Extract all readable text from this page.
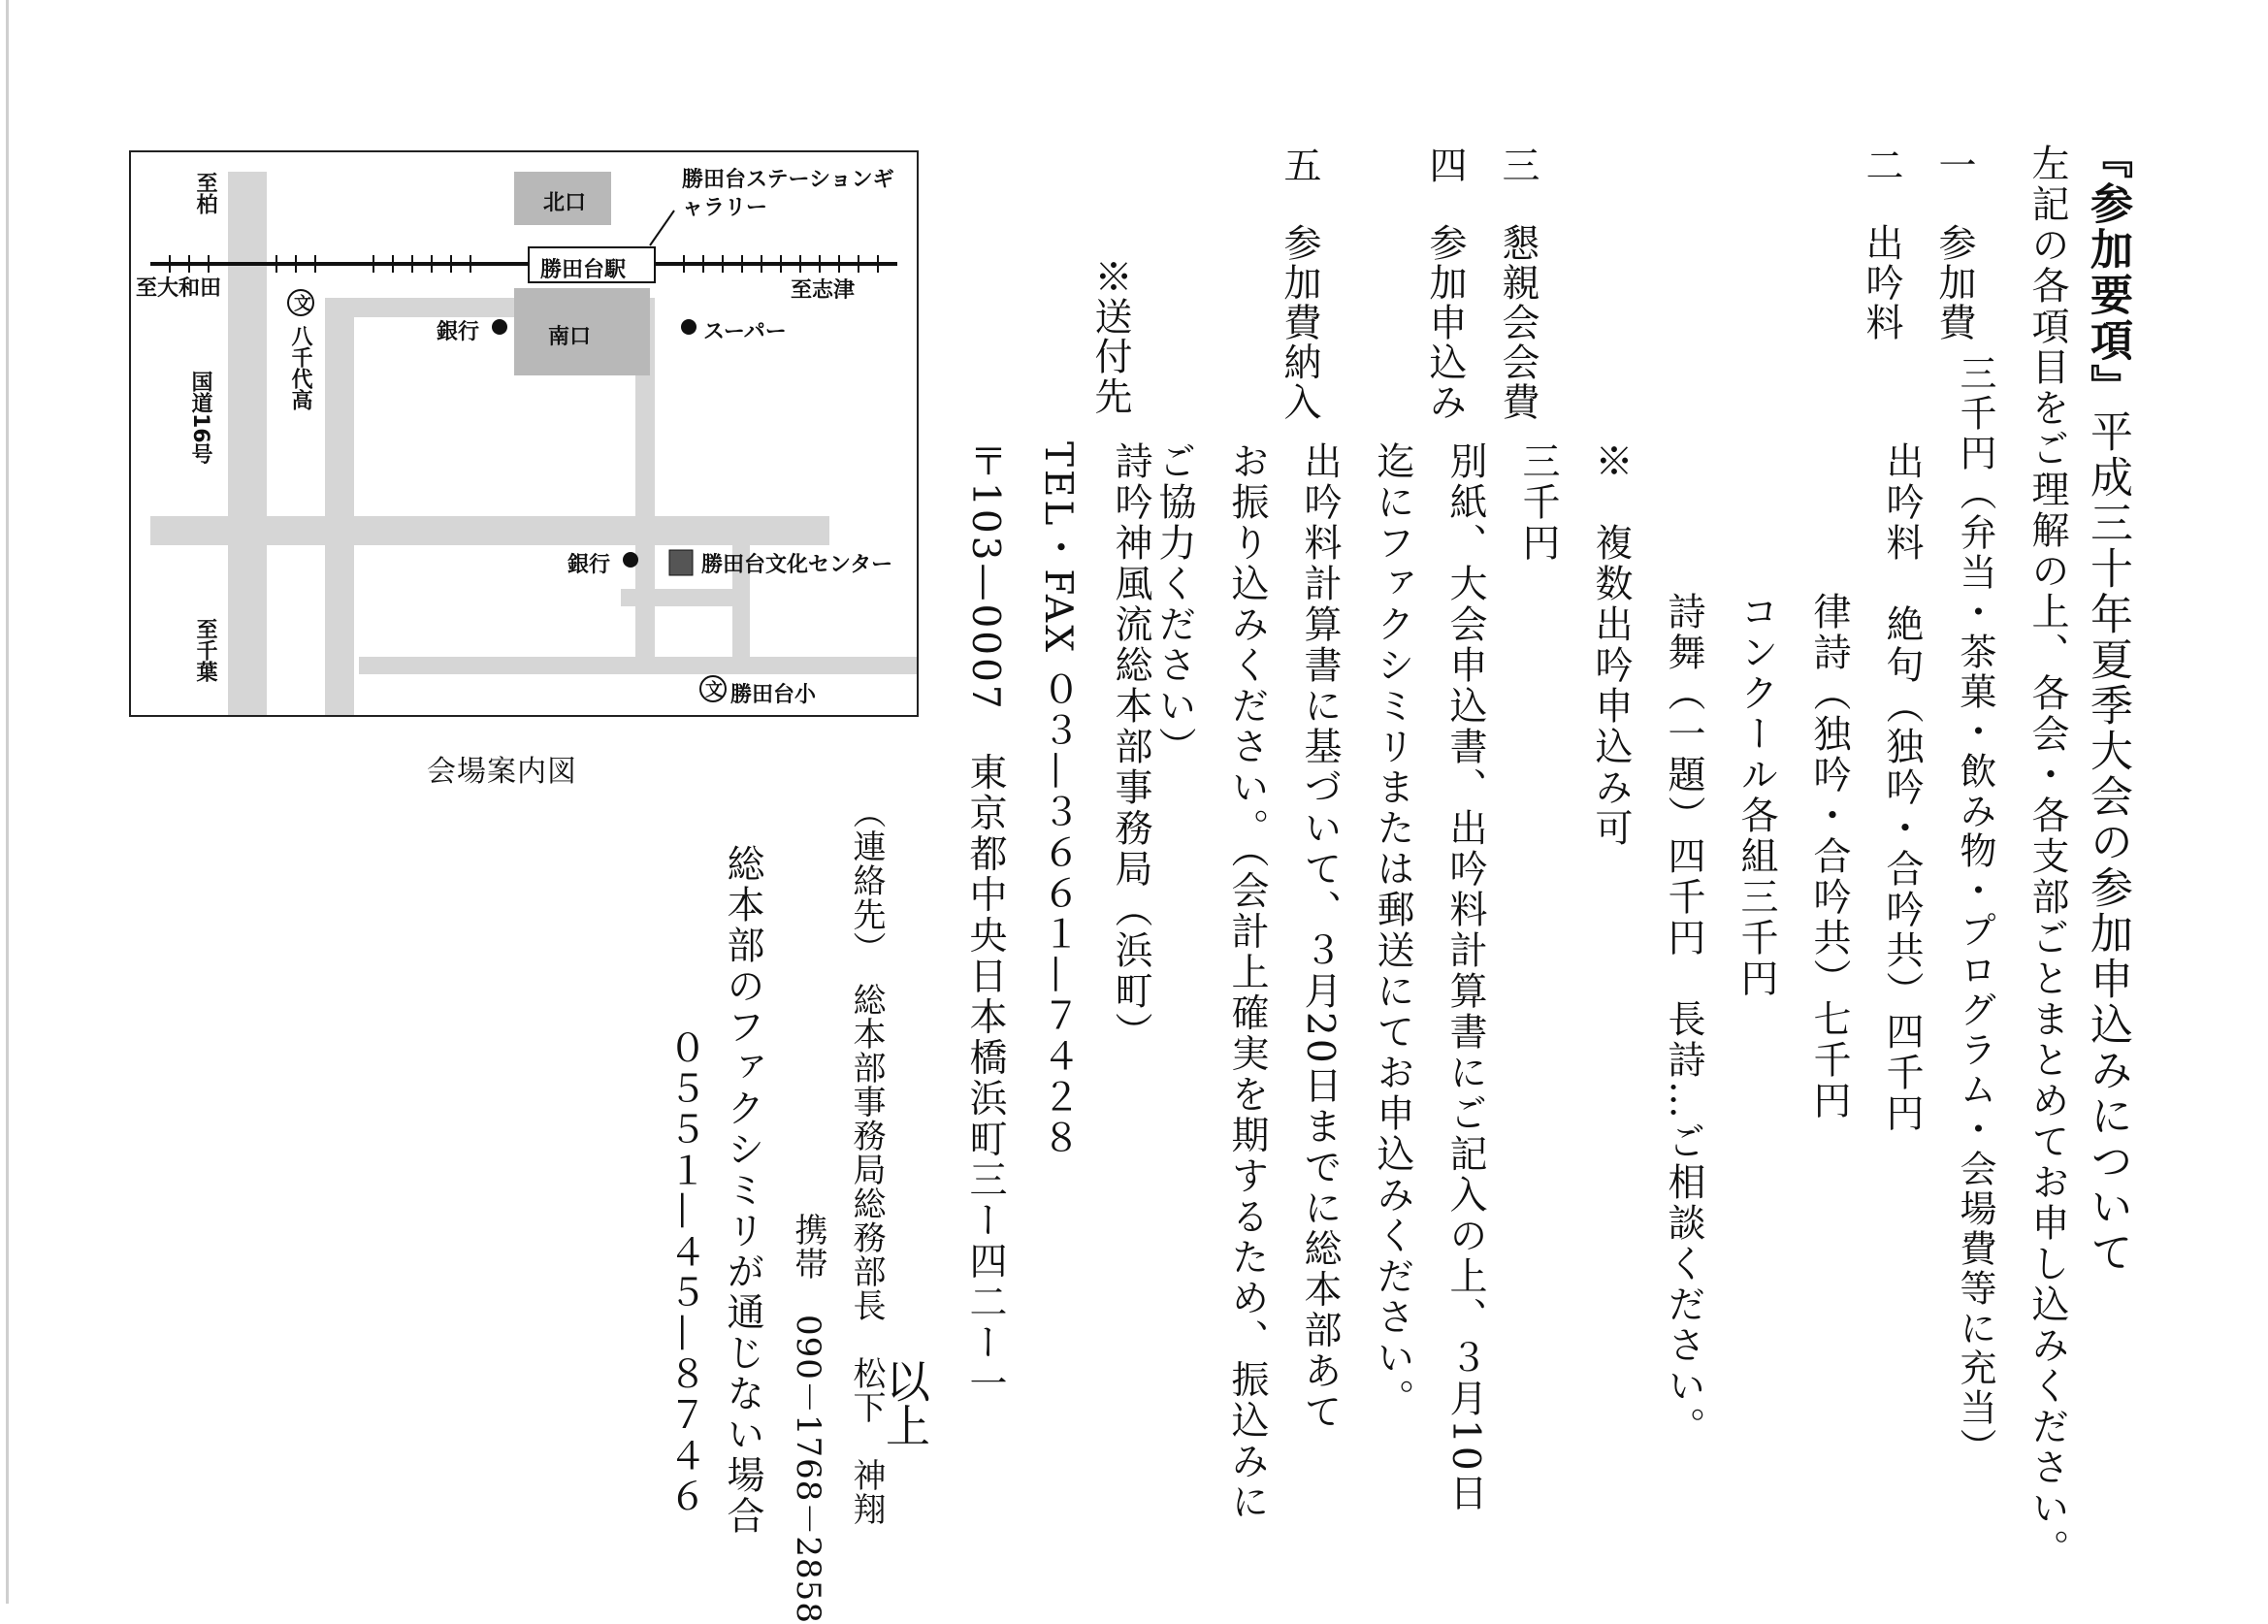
『参加要項』平成三十年夏季大会の参加申込みについて
左記の各項目をご理解の上、各会・各支部ごとまとめてお申し込みください。
一
参加費
三千円（弁当・茶菓・飲み物・プログラム・会場費等に充当）
二
出吟料
出吟料　絶句（独吟・合吟共）四千円
律詩（独吟・合吟共）七千円
コンクール各組三千円
詩舞（一題）四千円　長詩…ご相談ください。
※　複数出吟申込み可
三
懇親会会費
三千円
四
参加申込み
別紙、大会申込書、出吟料計算書にご記入の上、３月10日
迄にファクシミリまたは郵送にてお申込みください。
五
参加費納入
出吟料計算書に基づいて、３月20日までに総本部あて
お振り込みください。（会計上確実を期するため、振込みに
ご協力ください）
※送付先
詩吟神風流総本部事務局（浜町）
TEL・FAX ０３—３６６１—７４２８
〒103—0007　東京都中央日本橋浜町三ー四二ー一
（連絡先）　総本部事務局総務部長　松下　神翔
携帯　090－1768－2858
総本部のファクシミリが通じない場合
０５５１—４５—８７４６	以上
至柏
至大和田	至志津
至千葉
八千代高
国道16号
文
文
北口
南口
勝田台駅
勝田台ステーションギャラリー
銀行	スーパー
銀行	勝田台文化センター
勝田台小
会場案内図
